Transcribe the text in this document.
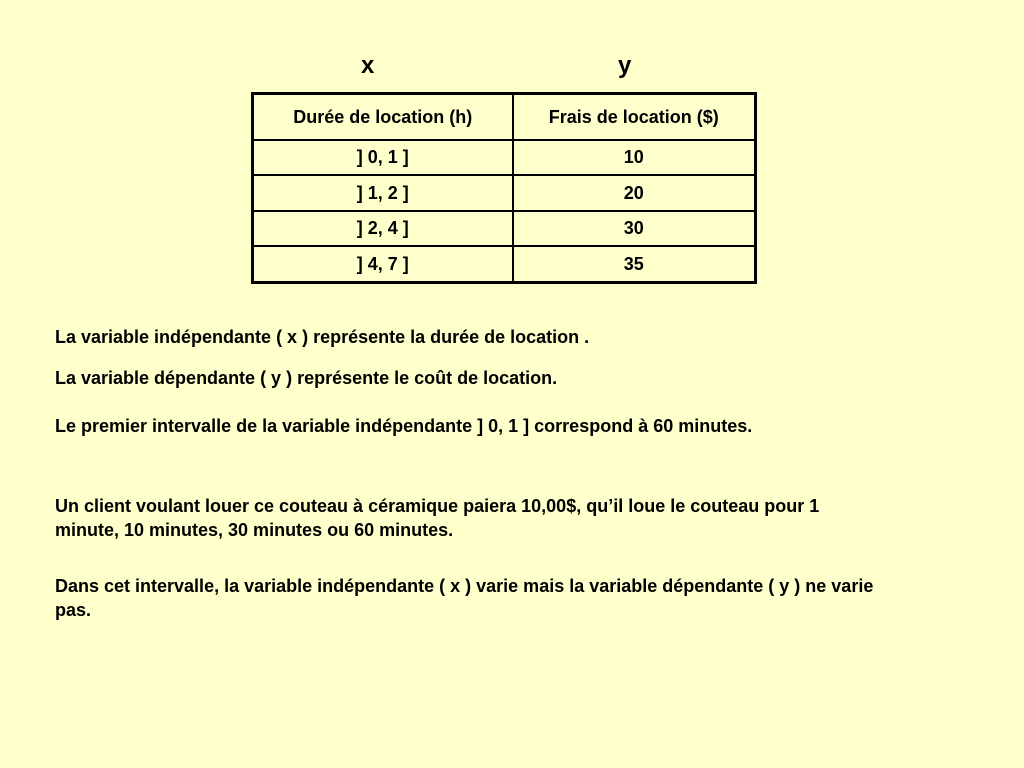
x	y
Durée de location (h)	Frais de location ($)
] 0, 1 ]	10
] 1, 2 ]	20
] 2, 4 ]	30
] 4, 7 ]	35

La variable indépendante ( x ) représente la durée de location .

La variable dépendante ( y ) représente le coût de location.

Le premier intervalle de la variable indépendante ] 0, 1 ] correspond à 60 minutes.

Un client voulant louer ce couteau à céramique paiera 10,00$, qu’il loue le couteau pour 1 minute, 10 minutes, 30 minutes ou 60 minutes.

Dans cet intervalle, la variable indépendante ( x ) varie mais la variable dépendante ( y ) ne varie pas.
